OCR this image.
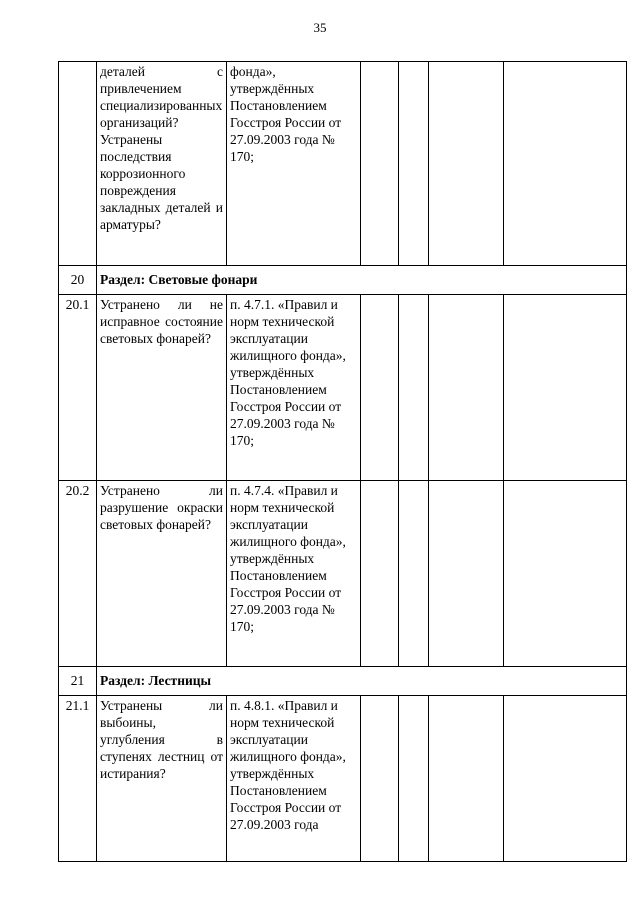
35
	деталей с привлечением специализированных организаций? Устранены последствия коррозионного повреждения закладных деталей и арматуры?	фонда», утверждённых Постановлением Госстроя России от 27.09.2003 года № 170;				
20	Раздел: Световые фонари					
20.1	Устранено ли не исправное состояние световых фонарей?	п. 4.7.1. «Правил и норм технической эксплуатации жилищного фонда», утверждённых Постановлением Госстроя России от 27.09.2003 года № 170;				
20.2	Устранено ли разрушение окраски световых фонарей?	п. 4.7.4. «Правил и норм технической эксплуатации жилищного фонда», утверждённых Постановлением Госстроя России от 27.09.2003 года № 170;				
21	Раздел: Лестницы					
21.1	Устранены ли выбоины, углубления в ступенях лестниц от истирания?	п. 4.8.1. «Правил и норм технической эксплуатации жилищного фонда», утверждённых Постановлением Госстроя России от 27.09.2003 года				
